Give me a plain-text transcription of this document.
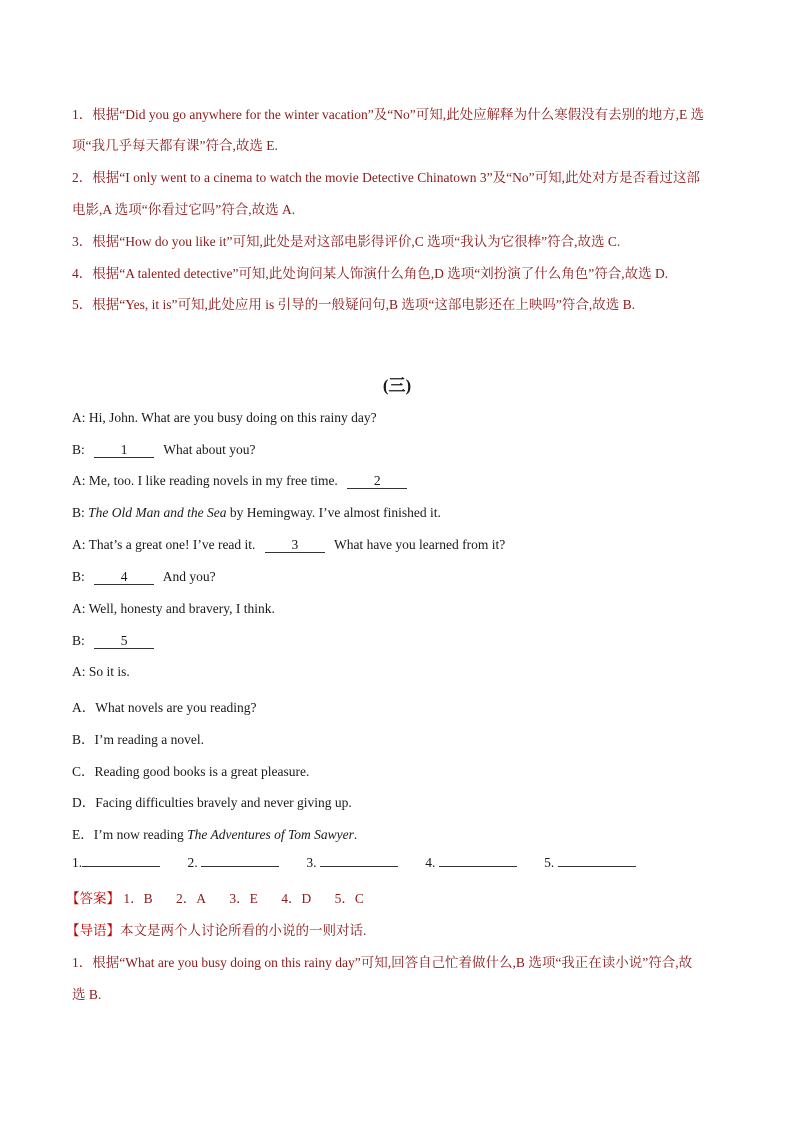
1．根据“Did you go anywhere for the winter vacation”及“No”可知,此处应解释为什么寒假没有去别的地方,E 选
项“我几乎每天都有课”符合,故选 E.
2．根据“I only went to a cinema to watch the movie Detective Chinatown 3”及“No”可知,此处对方是否看过这部
电影,A 选项“你看过它吗”符合,故选 A.
3．根据“How do you like it”可知,此处是对这部电影得评价,C 选项“我认为它很棒”符合,故选 C.
4．根据“A talented detective”可知,此处询问某人饰演什么角色,D 选项“刘扮演了什么角色”符合,故选 D.
5．根据“Yes, it is”可知,此处应用 is 引导的一般疑问句,B 选项“这部电影还在上映吗”符合,故选 B.
(三)
A: Hi, John. What are you busy doing on this rainy day?
B:	1	What about you?
A: Me, too. I like reading novels in my free time.	2
B: The Old Man and the Sea by Hemingway. I’ve almost finished it.
A: That’s a great one! I’ve read it.	3	What have you learned from it?
B:	4	And you?
A: Well, honesty and bravery, I think.
B:	5
A: So it is.
A．What novels are you reading?
B．I’m reading a novel.
C．Reading good books is a great pleasure.
D．Facing difficulties bravely and never giving up.
E．I’m now reading The Adventures of Tom Sawyer.
1.	2.	3.	4.	5.
【答案】 1．B 2．A 3．E 4．D 5．C
【导语】本文是两个人讨论所看的小说的一则对话.
1．根据“What are you busy doing on this rainy day”可知,回答自己忙着做什么,B 选项“我正在读小说”符合,故
选 B.
